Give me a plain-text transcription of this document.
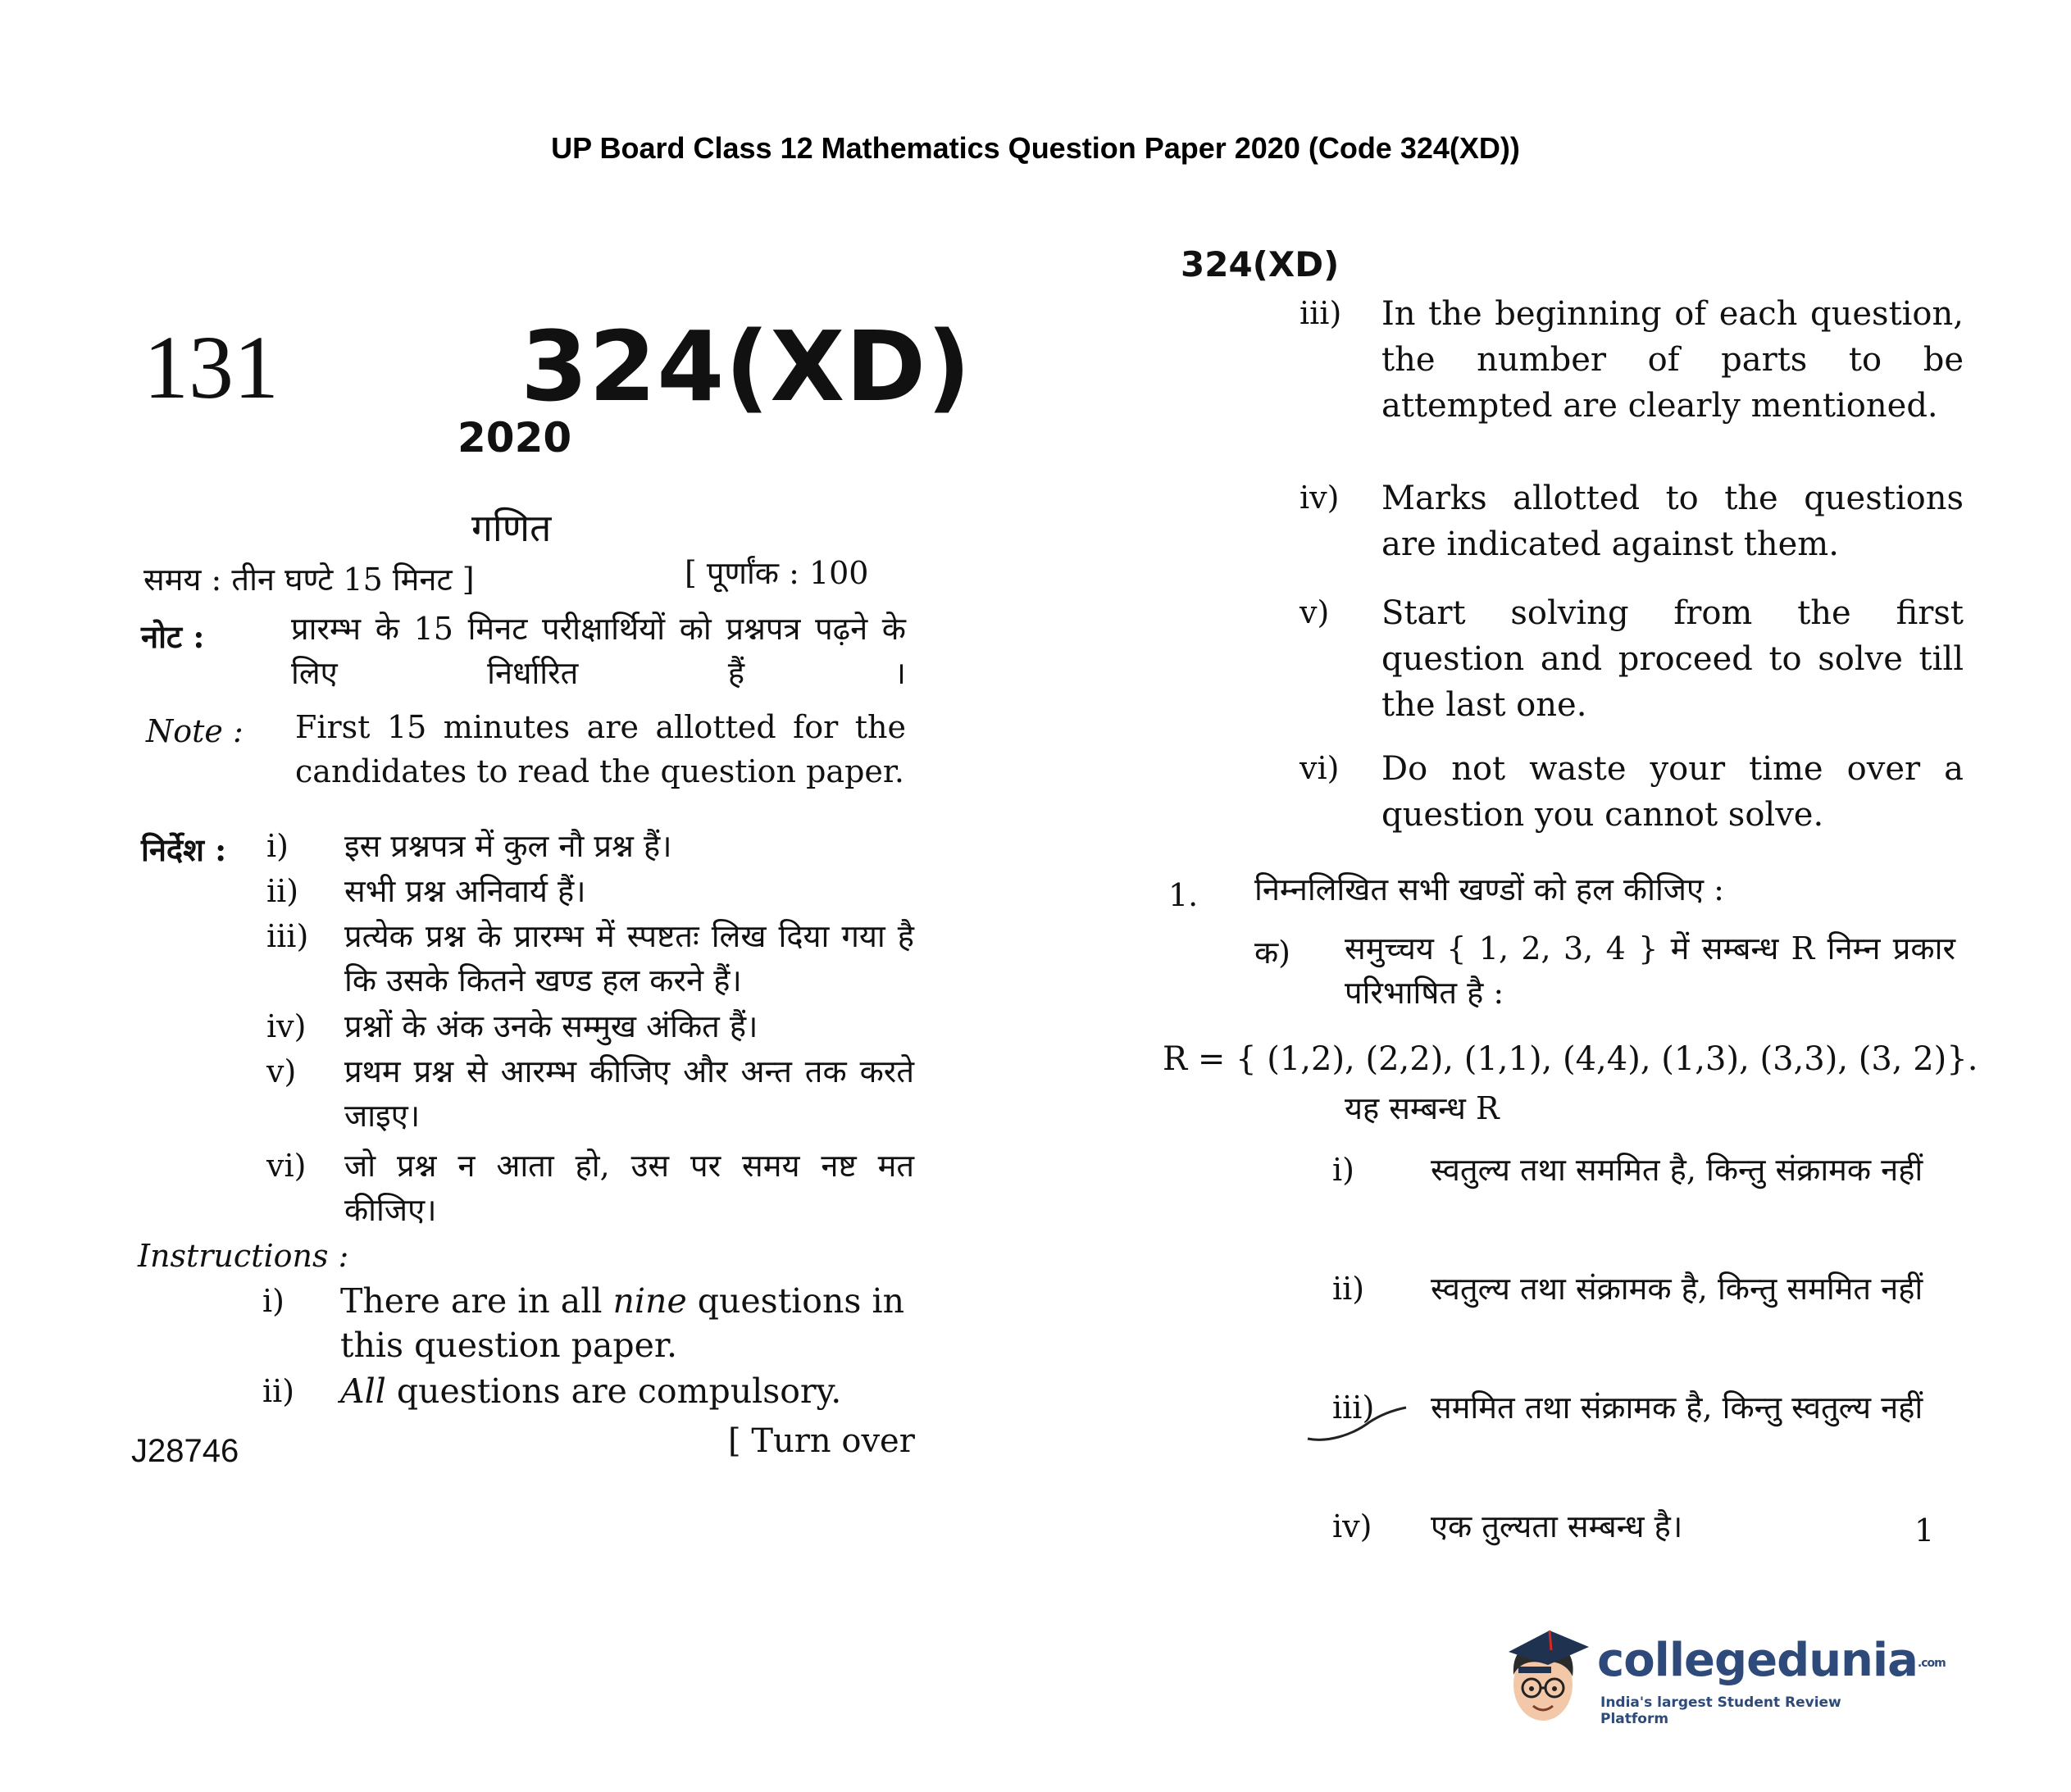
UP Board Class 12 Mathematics Question Paper 2020 (Code 324(XD))
131	324(XD)
2020
गणित
समय : तीन घण्टे 15 मिनट ]	[ पूर्णांक : 100
नोट :	प्रारम्भ के 15 मिनट परीक्षार्थियों को प्रश्नपत्र पढ़ने के लिए निर्धारित हैं ।
Note : First 15 minutes are allotted for the candidates to read the question paper.
निर्देश : i)	इस प्रश्नपत्र में कुल नौ प्रश्न हैं।
ii)	सभी प्रश्न अनिवार्य हैं।
iii)	प्रत्येक प्रश्न के प्रारम्भ में स्पष्टतः लिख दिया गया है कि उसके कितने खण्ड हल करने हैं।
iv)	प्रश्नों के अंक उनके सम्मुख अंकित हैं।
v)	प्रथम प्रश्न से आरम्भ कीजिए और अन्त तक करते जाइए।
vi)	जो प्रश्न न आता हो, उस पर समय नष्ट मत कीजिए।
Instructions :
i)	There are in all nine questions in this question paper.
ii)	All questions are compulsory.
J28746	[ Turn over
324(XD)
iii)	In the beginning of each question, the number of parts to be attempted are clearly mentioned.
iv)	Marks allotted to the questions are indicated against them.
v)	Start solving from the first question and proceed to solve till the last one.
vi)	Do not waste your time over a question you cannot solve.
1. निम्नलिखित सभी खण्डों को हल कीजिए :
क) समुच्चय { 1, 2, 3, 4 } में सम्बन्ध R निम्न प्रकार परिभाषित है :
R = { (1,2), (2,2), (1,1), (4,4), (1,3), (3,3), (3, 2)}.
यह सम्बन्ध R
i)	स्वतुल्य तथा सममित है, किन्तु संक्रामक नहीं
ii)	स्वतुल्य तथा संक्रामक है, किन्तु सममित नहीं
iii)	सममित तथा संक्रामक है, किन्तु स्वतुल्य नहीं
iv)	एक तुल्यता सम्बन्ध है।	1
collegedunia.com
India's largest Student Review Platform
